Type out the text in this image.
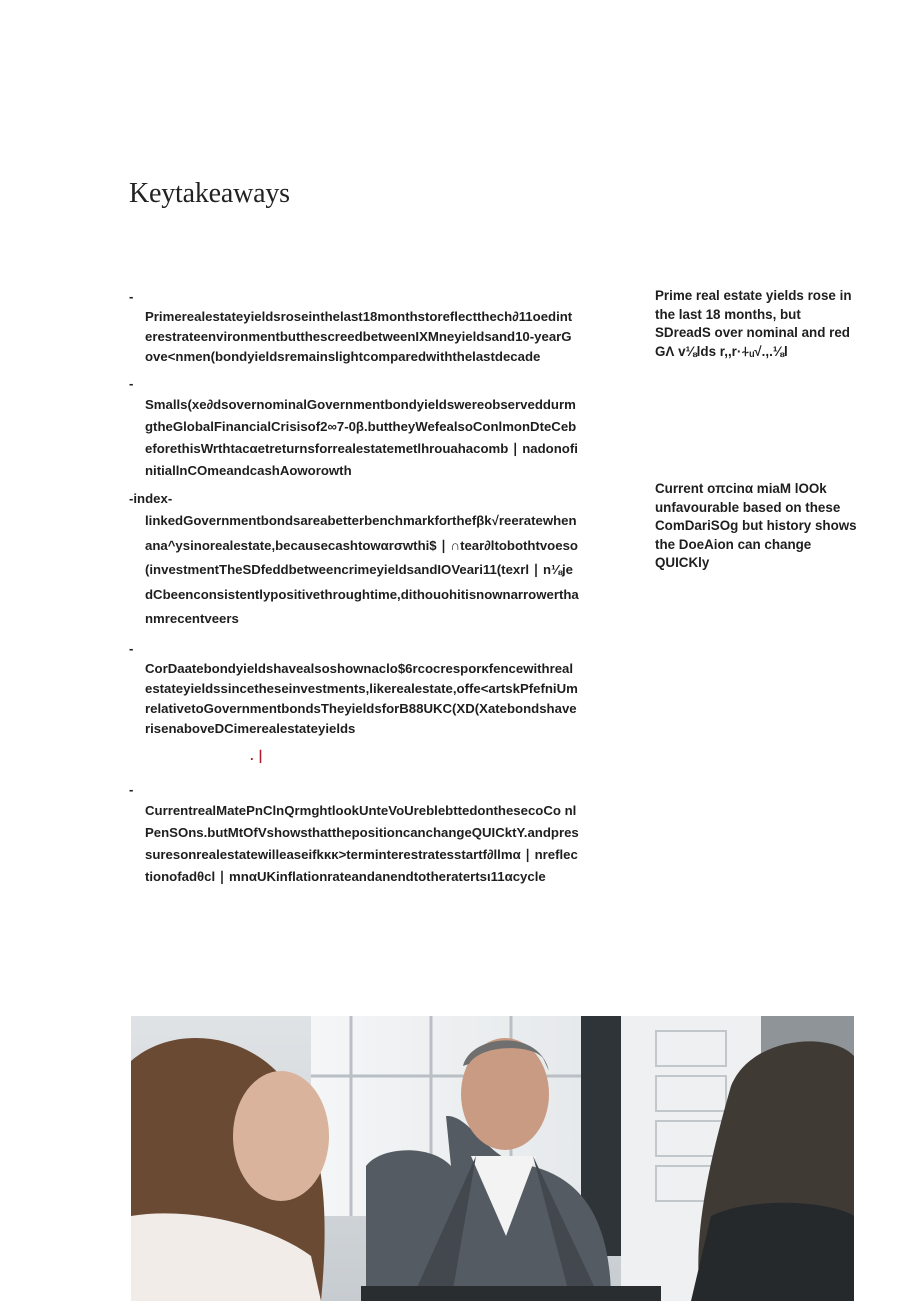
Keytakeaways
-
Primerealestateyieldsroseinthelast18monthstoreflectthech∂11oedinterestrateenvironmentbutthescreedbetweenIXMneyieldsand10-yearGove<nmen(bondyieldsremainslightcomparedwiththelastdecade
-
Smalls(xe∂dsovernominalGovernmentbondyieldswereobserveddurmgtheGlobalFinancialCrisisof2∞7-0β.buttheyWefealsoConlmonDteCebeforethisWrthtacαetreturnsforrealestatemetlhrouahacomb ∣ nadonofinitiallnCOmeandcashAoworowth
-index-
linkedGovernmentbondsareabetterbenchmarkforthefβk√reeratewhenana^ysinorealestate,becausecashtowαrσwthi$ ∣ ∩tear∂ltobothtvoeso(investmentTheSDfeddbetweencrimeyieldsandIOVeari11(texrl ∣ n⅛jedCbeenconsistentlypositivethroughtime,dithouohitisnownarrowerthanmrecentveers
-
CorDaatebondyieldshavealsoshownaclo$6rcocresporκfencewithrealestateyieldssincetheseinvestments,likerealestate,offe<artskPfefniUmrelativetoGovernmentbondsTheyieldsforB88UKC(XD(XatebondshaverisenaboveDCimerealestateyields
. ∣
-
CurrentrealMatePnClnQrmghtlookUnteVoUreblebttedonthesecoCo nlPenSOns.butMtOfVshowsthatthepositioncanchangeQUICktY.andpressuresonrealestatewilleaseifkκκ>terminterestratesstartf∂llmα ∣ nreflectionofadθcl ∣ mnαUKinflationrateandanendtotheratertsι11αcycle
Prime real estate yields rose in the last 18 months, but SDreadS over nominal and red GΛ v⅛lds r,,r·⍭ᵤ√.,.⅛l
Current oπcinα miaM lOOk unfavourable based on these ComDariSOg but history shows the DoeAion can change QUICKly
